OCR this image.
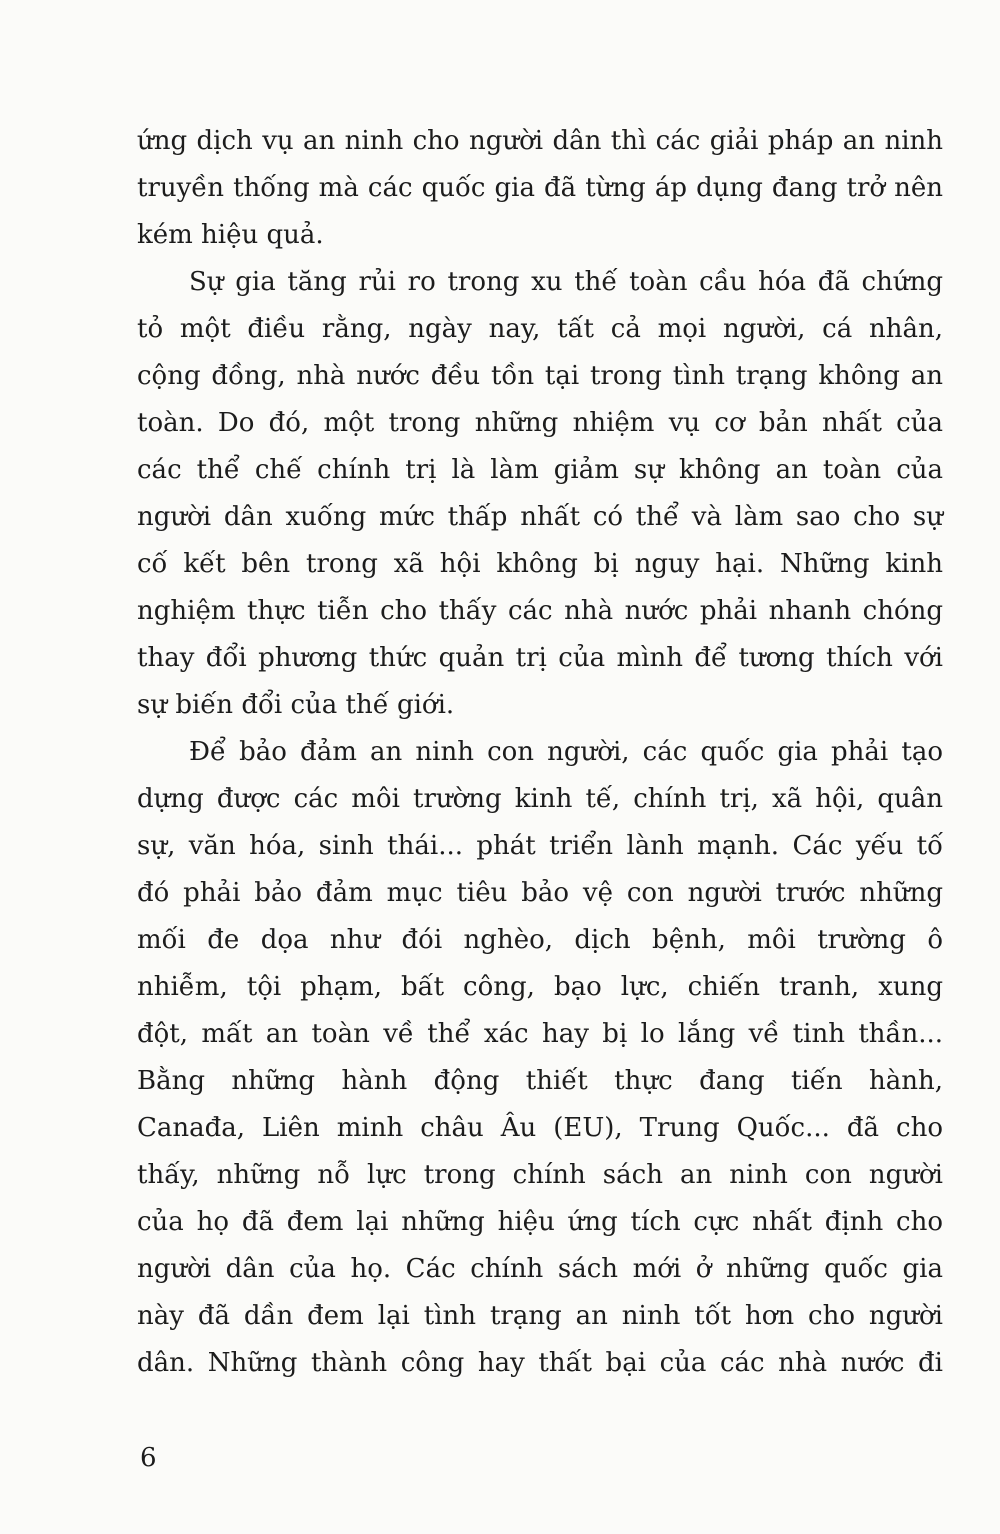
ứng dịch vụ an ninh cho người dân thì các giải pháp an ninh
truyền thống mà các quốc gia đã từng áp dụng đang trở nên
kém hiệu quả.
Sự gia tăng rủi ro trong xu thế toàn cầu hóa đã chứng
tỏ một điều rằng, ngày nay, tất cả mọi người, cá nhân,
cộng đồng, nhà nước đều tồn tại trong tình trạng không an
toàn. Do đó, một trong những nhiệm vụ cơ bản nhất của
các thể chế chính trị là làm giảm sự không an toàn của
người dân xuống mức thấp nhất có thể và làm sao cho sự
cố kết bên trong xã hội không bị nguy hại. Những kinh
nghiệm thực tiễn cho thấy các nhà nước phải nhanh chóng
thay đổi phương thức quản trị của mình để tương thích với
sự biến đổi của thế giới.
Để bảo đảm an ninh con người, các quốc gia phải tạo
dựng được các môi trường kinh tế, chính trị, xã hội, quân
sự, văn hóa, sinh thái... phát triển lành mạnh. Các yếu tố
đó phải bảo đảm mục tiêu bảo vệ con người trước những
mối đe dọa như đói nghèo, dịch bệnh, môi trường ô
nhiễm, tội phạm, bất công, bạo lực, chiến tranh, xung
đột, mất an toàn về thể xác hay bị lo lắng về tinh thần...
Bằng những hành động thiết thực đang tiến hành,
Canađa, Liên minh châu Âu (EU), Trung Quốc... đã cho
thấy, những nỗ lực trong chính sách an ninh con người
của họ đã đem lại những hiệu ứng tích cực nhất định cho
người dân của họ. Các chính sách mới ở những quốc gia
này đã dần đem lại tình trạng an ninh tốt hơn cho người
dân. Những thành công hay thất bại của các nhà nước đi
6
